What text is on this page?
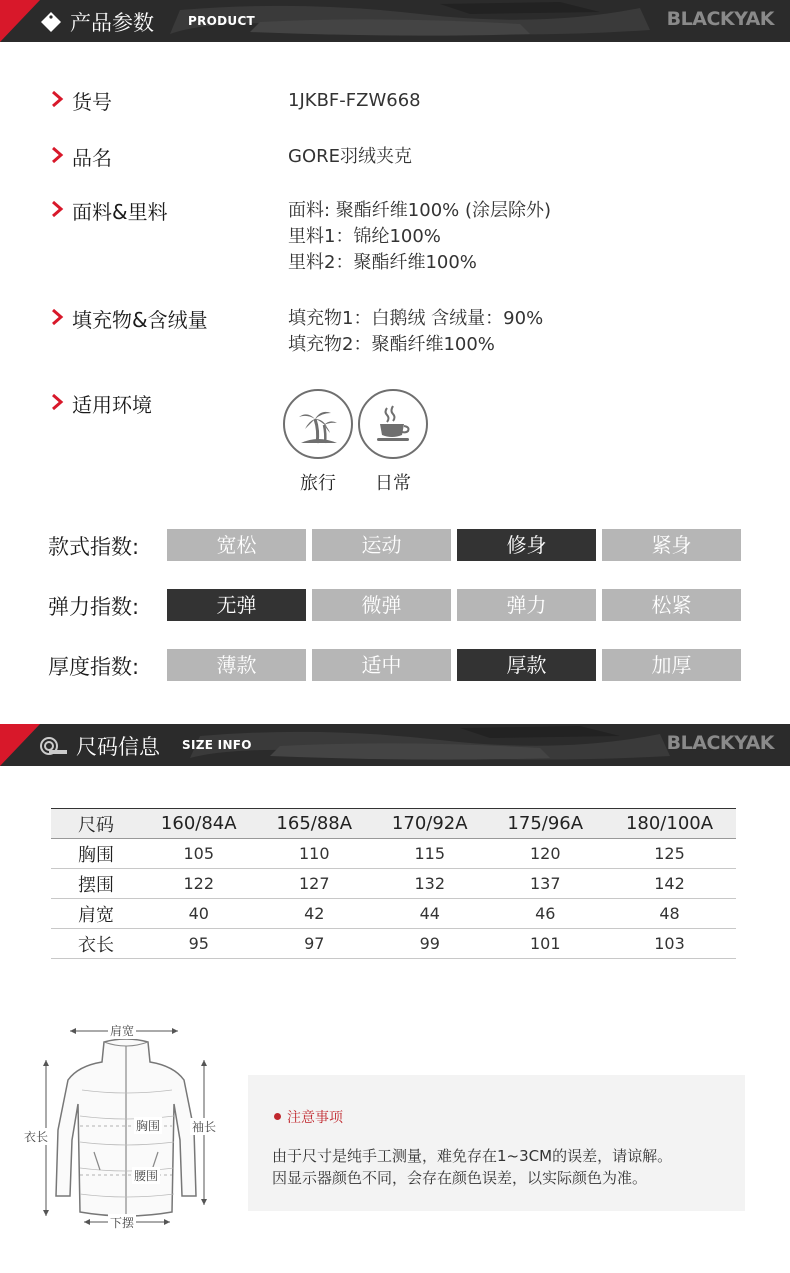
产品参数	PRODUCT	BLACKYAK
货号	1JKBF-FZW668
品名	GORE羽绒夹克
面料&里料	面料: 聚酯纤维100% (涂层除外)
里料1：锦纶100%
里料2：聚酯纤维100%
填充物&含绒量	填充物1：白鹅绒 含绒量：90%
填充物2：聚酯纤维100%
适用环境
旅行	日常
款式指数:	宽松	运动	修身	紧身
弹力指数:	无弹	微弹	弹力	松紧
厚度指数:	薄款	适中	厚款	加厚
尺码信息 SIZE INFO	BLACKYAK
尺码	160/84A	165/88A	170/92A	175/96A	180/100A
胸围	105	110	115	120	125
摆围	122	127	132	137	142
肩宽	40	42	44	46	48
衣长	95	97	99	101	103
肩宽
衣长
袖长
胸围
腰围
下摆
注意事项
由于尺寸是纯手工测量，难免存在1~3CM的误差，请谅解。
因显示器颜色不同，会存在颜色误差，以实际颜色为准。
